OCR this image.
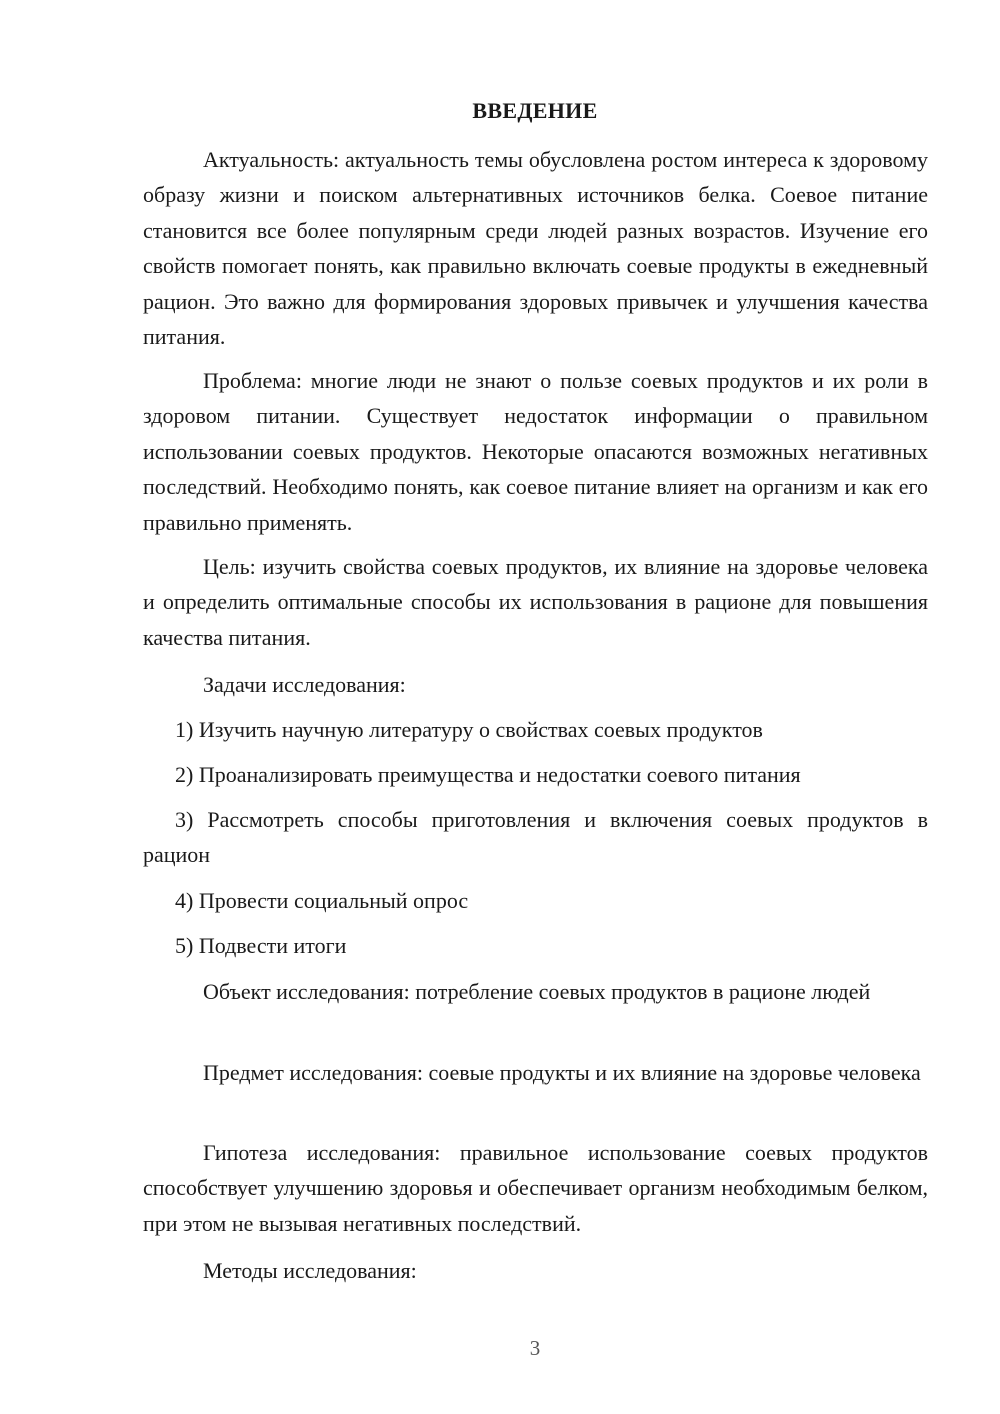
ВВЕДЕНИЕ

Актуальность: актуальность темы обусловлена ростом интереса к здоровому образу жизни и поиском альтернативных источников белка. Соевое питание становится все более популярным среди людей разных возрастов. Изучение его свойств помогает понять, как правильно включать соевые продукты в ежедневный рацион. Это важно для формирования здоровых привычек и улучшения качества питания.

Проблема: многие люди не знают о пользе соевых продуктов и их роли в здоровом питании. Существует недостаток информации о правильном использовании соевых продуктов. Некоторые опасаются возможных негативных последствий. Необходимо понять, как соевое питание влияет на организм и как его правильно применять.

Цель: изучить свойства соевых продуктов, их влияние на здоровье человека и определить оптимальные способы их использования в рационе для повышения качества питания.

Задачи исследования:

1) Изучить научную литературу о свойствах соевых продуктов

2) Проанализировать преимущества и недостатки соевого питания

3) Рассмотреть способы приготовления и включения соевых продуктов в рацион

4) Провести социальный опрос

5) Подвести итоги

Объект исследования: потребление соевых продуктов в рационе людей

Предмет исследования: соевые продукты и их влияние на здоровье человека

Гипотеза исследования: правильное использование соевых продуктов способствует улучшению здоровья и обеспечивает организм необходимым белком, при этом не вызывая негативных последствий.

Методы исследования:

3
